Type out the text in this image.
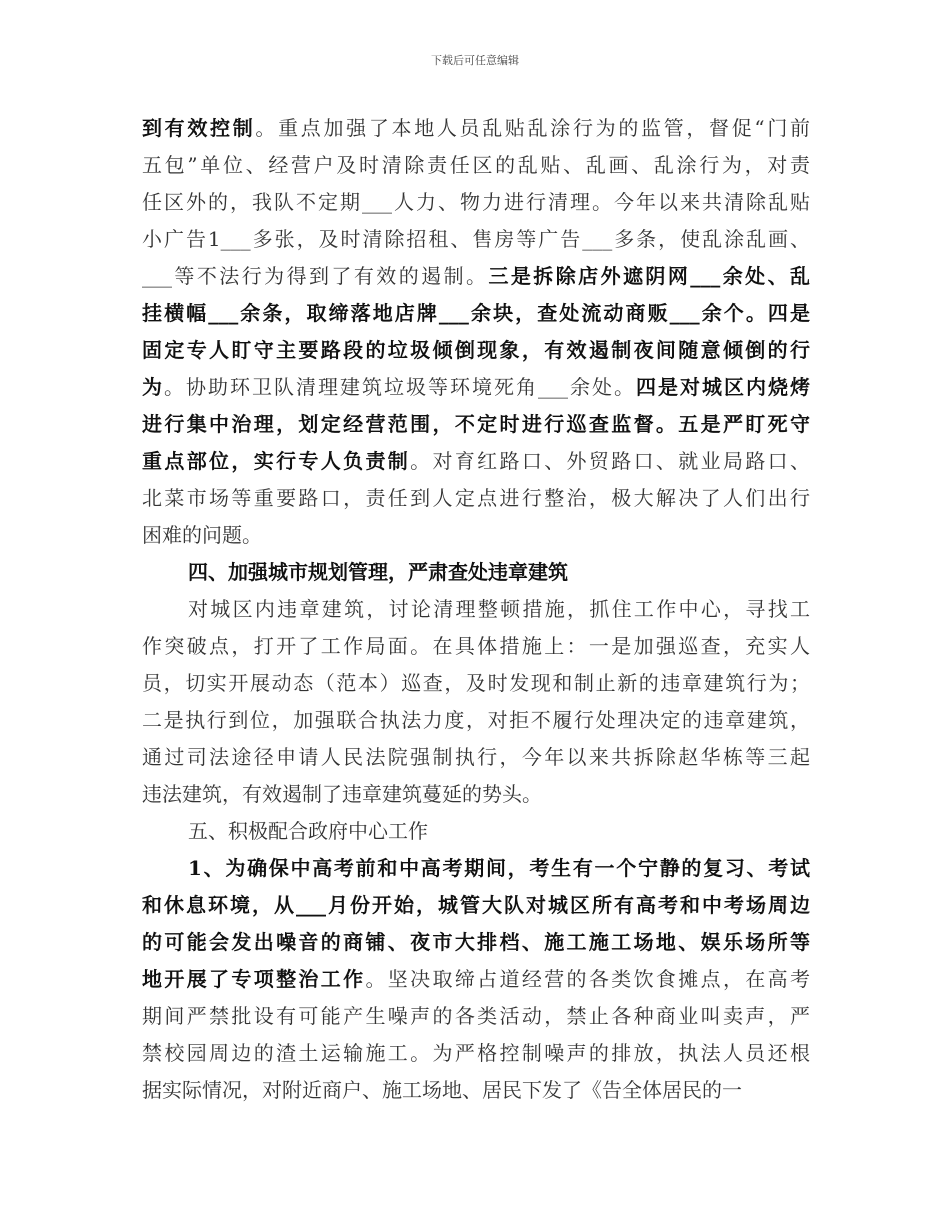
下载后可任意编辑
到有效控制。重点加强了本地人员乱贴乱涂行为的监管，督促“门前
五包”单位、经营户及时清除责任区的乱贴、乱画、乱涂行为，对责
任区外的，我队不定期___人力、物力进行清理。今年以来共清除乱贴
小广告1___多张，及时清除招租、售房等广告___多条，使乱涂乱画、
___等不法行为得到了有效的遏制。三是拆除店外遮阴网___余处、乱
挂横幅___余条，取缔落地店牌___余块，查处流动商贩___余个。四是
固定专人盯守主要路段的垃圾倾倒现象，有效遏制夜间随意倾倒的行
为。协助环卫队清理建筑垃圾等环境死角___余处。四是对城区内烧烤
进行集中治理，划定经营范围，不定时进行巡查监督。五是严盯死守
重点部位，实行专人负责制。对育红路口、外贸路口、就业局路口、
北菜市场等重要路口，责任到人定点进行整治，极大解决了人们出行
困难的问题。
四、加强城市规划管理，严肃查处违章建筑
对城区内违章建筑，讨论清理整顿措施，抓住工作中心，寻找工
作突破点，打开了工作局面。在具体措施上：一是加强巡查，充实人
员，切实开展动态（范本）巡查，及时发现和制止新的违章建筑行为；
二是执行到位，加强联合执法力度，对拒不履行处理决定的违章建筑，
通过司法途径申请人民法院强制执行，今年以来共拆除赵华栋等三起
违法建筑，有效遏制了违章建筑蔓延的势头。
五、积极配合政府中心工作
1、为确保中高考前和中高考期间，考生有一个宁静的复习、考试
和休息环境，从___月份开始，城管大队对城区所有高考和中考场周边
的可能会发出噪音的商铺、夜市大排档、施工施工场地、娱乐场所等
地开展了专项整治工作。坚决取缔占道经营的各类饮食摊点，在高考
期间严禁批设有可能产生噪声的各类活动，禁止各种商业叫卖声，严
禁校园周边的渣土运输施工。为严格控制噪声的排放，执法人员还根
据实际情况，对附近商户、施工场地、居民下发了《告全体居民的一
